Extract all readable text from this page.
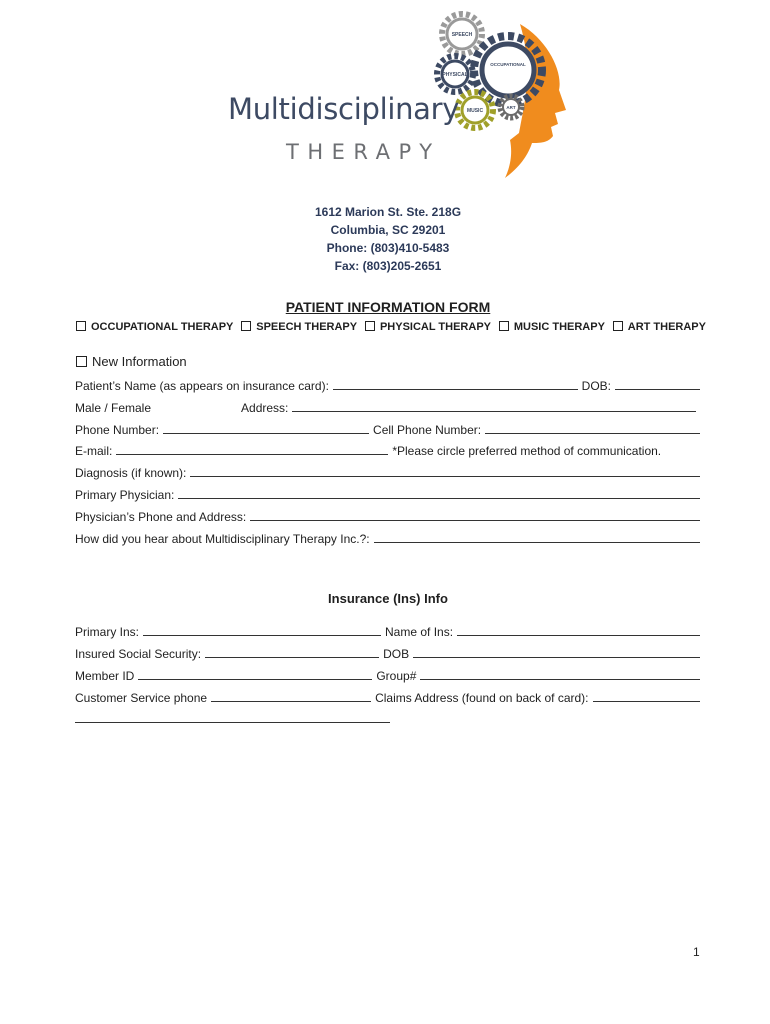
SPEECH
OCCUPATIONAL
PHYSICAL
MUSIC
ART
Multidisciplinary
THERAPY
1612 Marion St. Ste. 218G
Columbia, SC 29201
Phone: (803)410-5483
Fax: (803)205-2651
PATIENT INFORMATION FORM
OCCUPATIONAL THERAPY	SPEECH THERAPY	PHYSICAL THERAPY	MUSIC THERAPY	ART THERAPY
New Information
Patient’s Name (as appears on insurance card):	DOB:
Male / Female	Address:
Phone Number:	Cell Phone Number:
E-mail:	*Please circle preferred method of communication.
Diagnosis (if known):
Primary Physician:
Physician’s Phone and Address:
How did you hear about Multidisciplinary Therapy Inc.?:
Insurance (Ins) Info
Primary Ins:	Name of Ins:
Insured Social Security:	DOB
Member ID	Group#
Customer Service phone	Claims Address (found on back of card):
1
